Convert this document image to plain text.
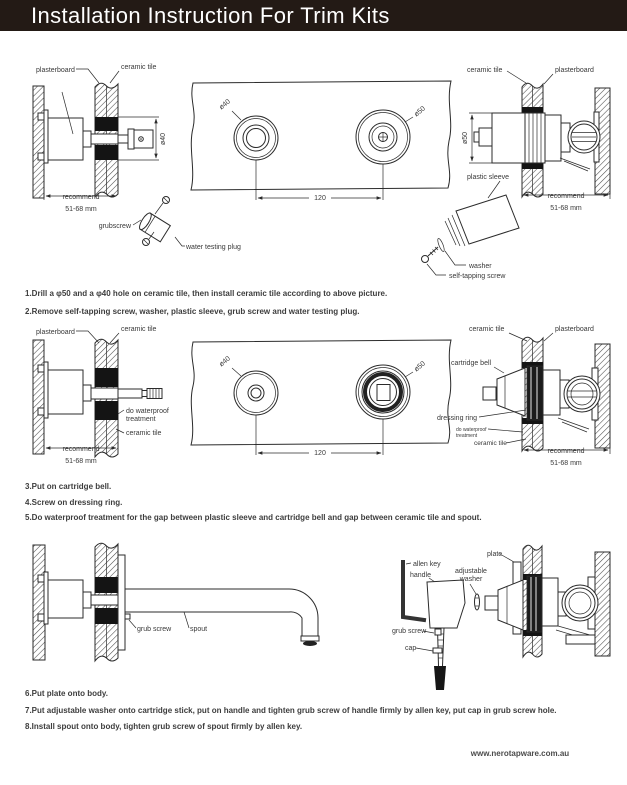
Installation Instruction For Trim Kits
plasterboard	ceramic tile
ø40
recommend
51-68 mm
grubscrew
water testing plug
ø40
ø50
120
ceramic tile	plasterboard
ø50
recommend
51-68 mm
plastic sleeve
washer
self-tapping screw
1.Drill a φ50 and a φ40 hole on ceramic tile, then install ceramic tile according to above picture.
2.Remove self-tapping screw, washer, plastic sleeve, grub screw and water testing plug.
plasterboard	ceramic tile
do waterproof
treatment
ceramic tile
recommend
51-68 mm
ø40	ø50
120
ceramic tile	plasterboard
cartridge bell
dressing ring
do waterproof
treatment
ceramic tile
recommend
51-68 mm
3.Put on cartridge bell.
4.Screw on dressing ring.
5.Do waterproof treatment for the gap between plastic sleeve and cartridge bell and gap between ceramic tile and spout.
grub screw	spout
allen key
handle
grub screw
cap
adjustable
washer
plate
6.Put plate onto body.
7.Put adjustable washer onto cartridge stick, put on handle and tighten grub screw of handle firmly by allen key, put cap in grub screw hole.
8.Install spout onto body, tighten grub screw of spout firmly by allen key.
www.nerotapware.com.au
